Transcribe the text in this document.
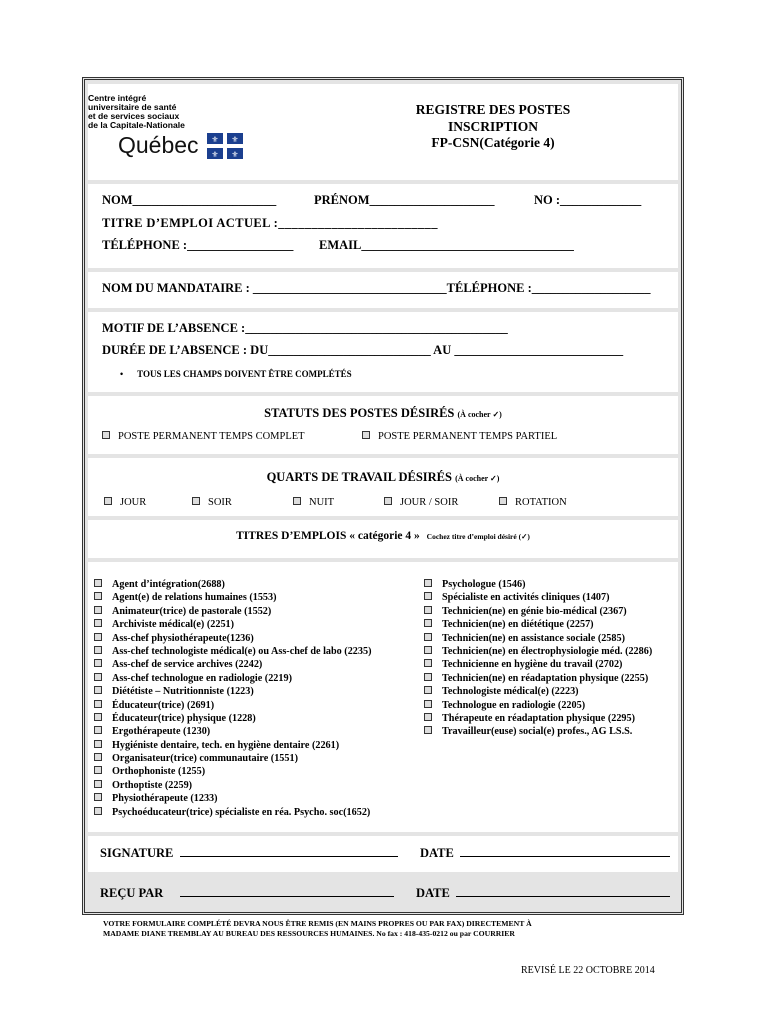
Centre intégré
universitaire de santé
et de services sociaux
de la Capitale-Nationale
Québec ⚜ ⚜
⚜ ⚜
REGISTRE DES POSTES
INSCRIPTION
FP-CSN(Catégorie 4)
NOM_______________________	PRÉNOM____________________	NO :_____________
TITRE D’EMPLOI ACTUEL :________________________
TÉLÉPHONE :_________________ EMAIL__________________________________
NOM DU MANDATAIRE : _______________________________TÉLÉPHONE :___________________
MOTIF DE L’ABSENCE :__________________________________________
DURÉE DE L’ABSENCE : DU__________________________ AU ___________________________
• TOUS LES CHAMPS DOIVENT ÊTRE COMPLÉTÉS
STATUTS DES POSTES DÉSIRÉS (À cocher ✓)
POSTE PERMANENT TEMPS COMPLET	POSTE PERMANENT TEMPS PARTIEL
QUARTS DE TRAVAIL DÉSIRÉS (À cocher ✓)
JOUR	SOIR	NUIT	JOUR / SOIR	ROTATION
TITRES D’EMPLOIS « catégorie 4 » Cochez titre d’emploi désiré (✓)
Agent d’intégration(2688)
Agent(e) de relations humaines (1553)
Animateur(trice) de pastorale (1552)
Archiviste médical(e) (2251)
Ass-chef physiothérapeute(1236)
Ass-chef technologiste médical(e) ou Ass-chef de labo (2235)
Ass-chef de service archives (2242)
Ass-chef technologue en radiologie (2219)
Diététiste – Nutritionniste (1223)
Éducateur(trice) (2691)
Éducateur(trice) physique (1228)
Ergothérapeute (1230)
Hygiéniste dentaire, tech. en hygiène dentaire (2261)
Organisateur(trice) communautaire (1551)
Orthophoniste (1255)
Orthoptiste (2259)
Physiothérapeute (1233)
Psychoéducateur(trice) spécialiste en réa. Psycho. soc(1652)
Psychologue (1546)
Spécialiste en activités cliniques (1407)
Technicien(ne) en génie bio-médical (2367)
Technicien(ne) en diététique (2257)
Technicien(ne) en assistance sociale (2585)
Technicien(ne) en électrophysiologie méd. (2286)
Technicienne en hygiène du travail (2702)
Technicien(ne) en réadaptation physique (2255)
Technologiste médical(e) (2223)
Technologue en radiologie (2205)
Thérapeute en réadaptation physique (2295)
Travailleur(euse) social(e) profes., AG LS.S.
SIGNATURE	DATE
REÇU PAR	DATE
VOTRE FORMULAIRE COMPLÉTÉ DEVRA NOUS ÊTRE REMIS (EN MAINS PROPRES OU PAR FAX) DIRECTEMENT À
MADAME DIANE TREMBLAY AU BUREAU DES RESSOURCES HUMAINES. No fax : 418-435-0212 ou par COURRIER
REVISÉ LE 22 OCTOBRE 2014
